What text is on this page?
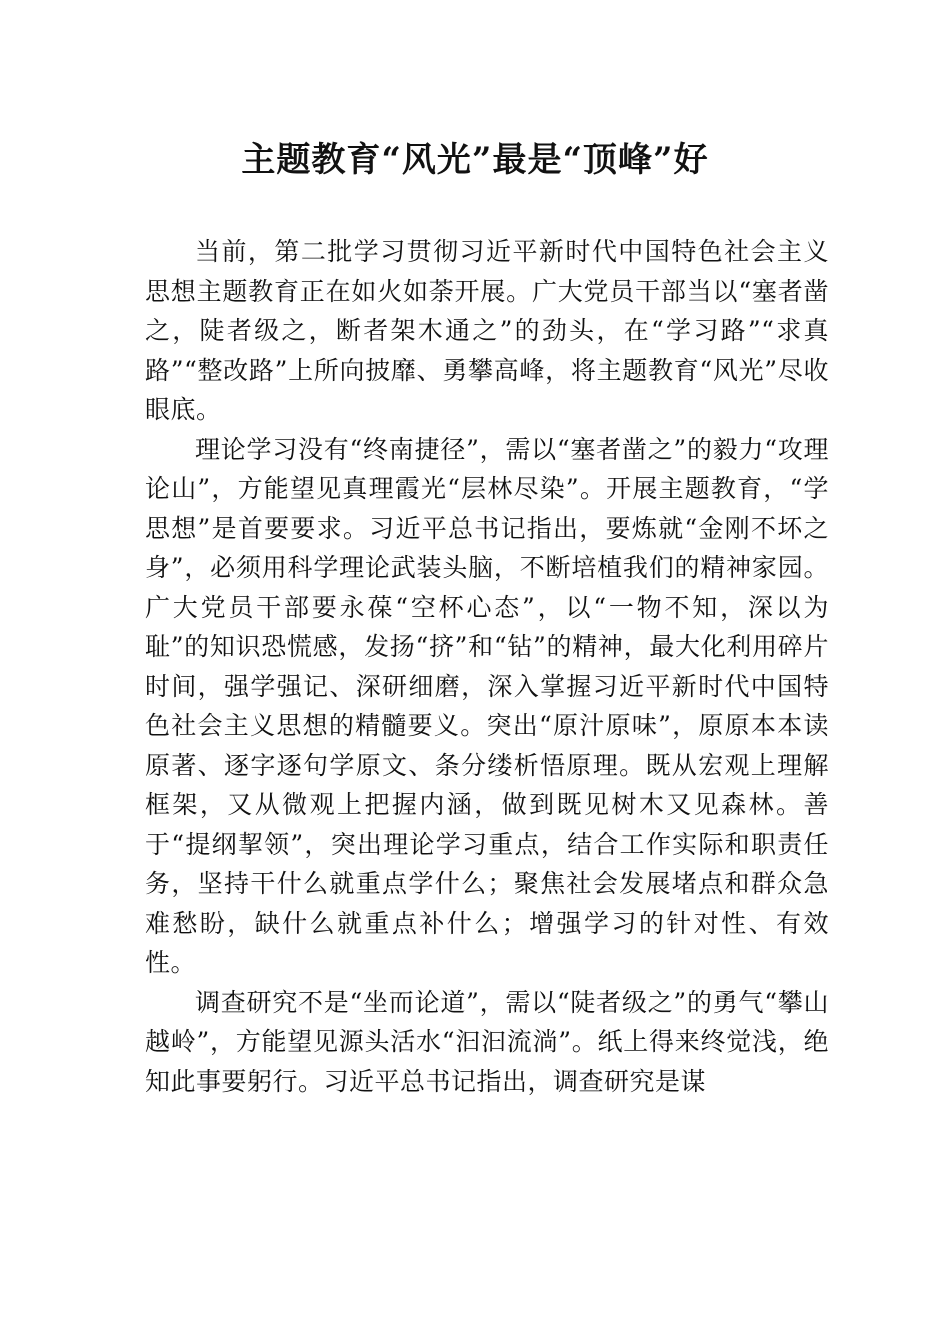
主题教育“风光”最是“顶峰”好

当前，第二批学习贯彻习近平新时代中国特色社会主义思想主题教育正在如火如荼开展。广大党员干部当以“塞者凿之，陡者级之，断者架木通之”的劲头，在“学习路”“求真路”“整改路”上所向披靡、勇攀高峰，将主题教育“风光”尽收眼底。

理论学习没有“终南捷径”，需以“塞者凿之”的毅力“攻理论山”，方能望见真理霞光“层林尽染”。开展主题教育，“学思想”是首要要求。习近平总书记指出，要炼就“金刚不坏之身”，必须用科学理论武装头脑，不断培植我们的精神家园。广大党员干部要永葆“空杯心态”，以“一物不知，深以为耻”的知识恐慌感，发扬“挤”和“钻”的精神，最大化利用碎片时间，强学强记、深研细磨，深入掌握习近平新时代中国特色社会主义思想的精髓要义。突出“原汁原味”，原原本本读原著、逐字逐句学原文、条分缕析悟原理。既从宏观上理解框架，又从微观上把握内涵，做到既见树木又见森林。善于“提纲挈领”，突出理论学习重点，结合工作实际和职责任务，坚持干什么就重点学什么；聚焦社会发展堵点和群众急难愁盼，缺什么就重点补什么；增强学习的针对性、有效性。

调查研究不是“坐而论道”，需以“陡者级之”的勇气“攀山越岭”，方能望见源头活水“汩汩流淌”。纸上得来终觉浅，绝知此事要躬行。习近平总书记指出，调查研究是谋
